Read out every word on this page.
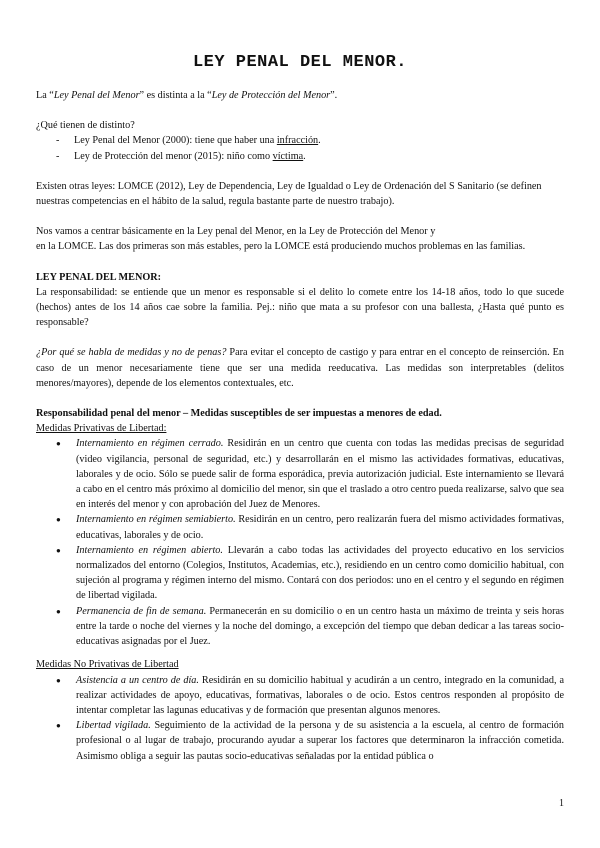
LEY PENAL DEL MENOR.

La “Ley Penal del Menor” es distinta a la “Ley de Protección del Menor”.

¿Qué tienen de distinto?

- Ley Penal del Menor (2000): tiene que haber una infracción.
- Ley de Protección del menor (2015): niño como víctima.

Existen otras leyes: LOMCE (2012), Ley de Dependencia, Ley de Igualdad o Ley de Ordenación del S Sanitario (se definen nuestras competencias en el hábito de la salud, regula bastante parte de nuestro trabajo).

Nos vamos a centrar básicamente en la Ley penal del Menor, en la Ley de Protección del Menor y

en la LOMCE. Las dos primeras son más estables, pero la LOMCE está produciendo muchos problemas en las familias.

LEY PENAL DEL MENOR:

La responsabilidad: se entiende que un menor es responsable si el delito lo comete entre los 14-18 años, todo lo que sucede (hechos) antes de los 14 años cae sobre la familia. Pej.: niño que mata a su profesor con una ballesta, ¿Hasta qué punto es responsable?

¿Por qué se habla de medidas y no de penas? Para evitar el concepto de castigo y para entrar en el concepto de reinserción. En caso de un menor necesariamente tiene que ser una medida reeducativa. Las medidas son interpretables (delitos menores/mayores), depende de los elementos contextuales, etc.

Responsabilidad penal del menor – Medidas susceptibles de ser impuestas a menores de edad.

Medidas Privativas de Libertad:

● Internamiento en régimen cerrado. Residirán en un centro que cuenta con todas las medidas precisas de seguridad (video vigilancia, personal de seguridad, etc.) y desarrollarán en el mismo las actividades formativas, educativas, laborales y de ocio. Sólo se puede salir de forma esporádica, previa autorización judicial. Este internamiento se llevará a cabo en el centro más próximo al domicilio del menor, sin que el traslado a otro centro pueda realizarse, salvo que sea en interés del menor y con aprobación del Juez de Menores.
● Internamiento en régimen semiabierto. Residirán en un centro, pero realizarán fuera del mismo actividades formativas, educativas, laborales y de ocio.
● Internamiento en régimen abierto. Llevarán a cabo todas las actividades del proyecto educativo en los servicios normalizados del entorno (Colegios, Institutos, Academias, etc.), residiendo en un centro como domicilio habitual, con sujeción al programa y régimen interno del mismo. Contará con dos periodos: uno en el centro y el segundo en régimen de libertad vigilada.
● Permanencia de fin de semana. Permanecerán en su domicilio o en un centro hasta un máximo de treinta y seis horas entre la tarde o noche del viernes y la noche del domingo, a excepción del tiempo que deban dedicar a las tareas socio-educativas asignadas por el Juez.

Medidas No Privativas de Libertad

● Asistencia a un centro de día. Residirán en su domicilio habitual y acudirán a un centro, integrado en la comunidad, a realizar actividades de apoyo, educativas, formativas, laborales o de ocio. Estos centros responden al propósito de intentar completar las lagunas educativas y de formación que presentan algunos menores.
● Libertad vigilada. Seguimiento de la actividad de la persona y de su asistencia a la escuela, al centro de formación profesional o al lugar de trabajo, procurando ayudar a superar los factores que determinaron la infracción cometida. Asimismo obliga a seguir las pautas socio-educativas señaladas por la entidad pública o
1
